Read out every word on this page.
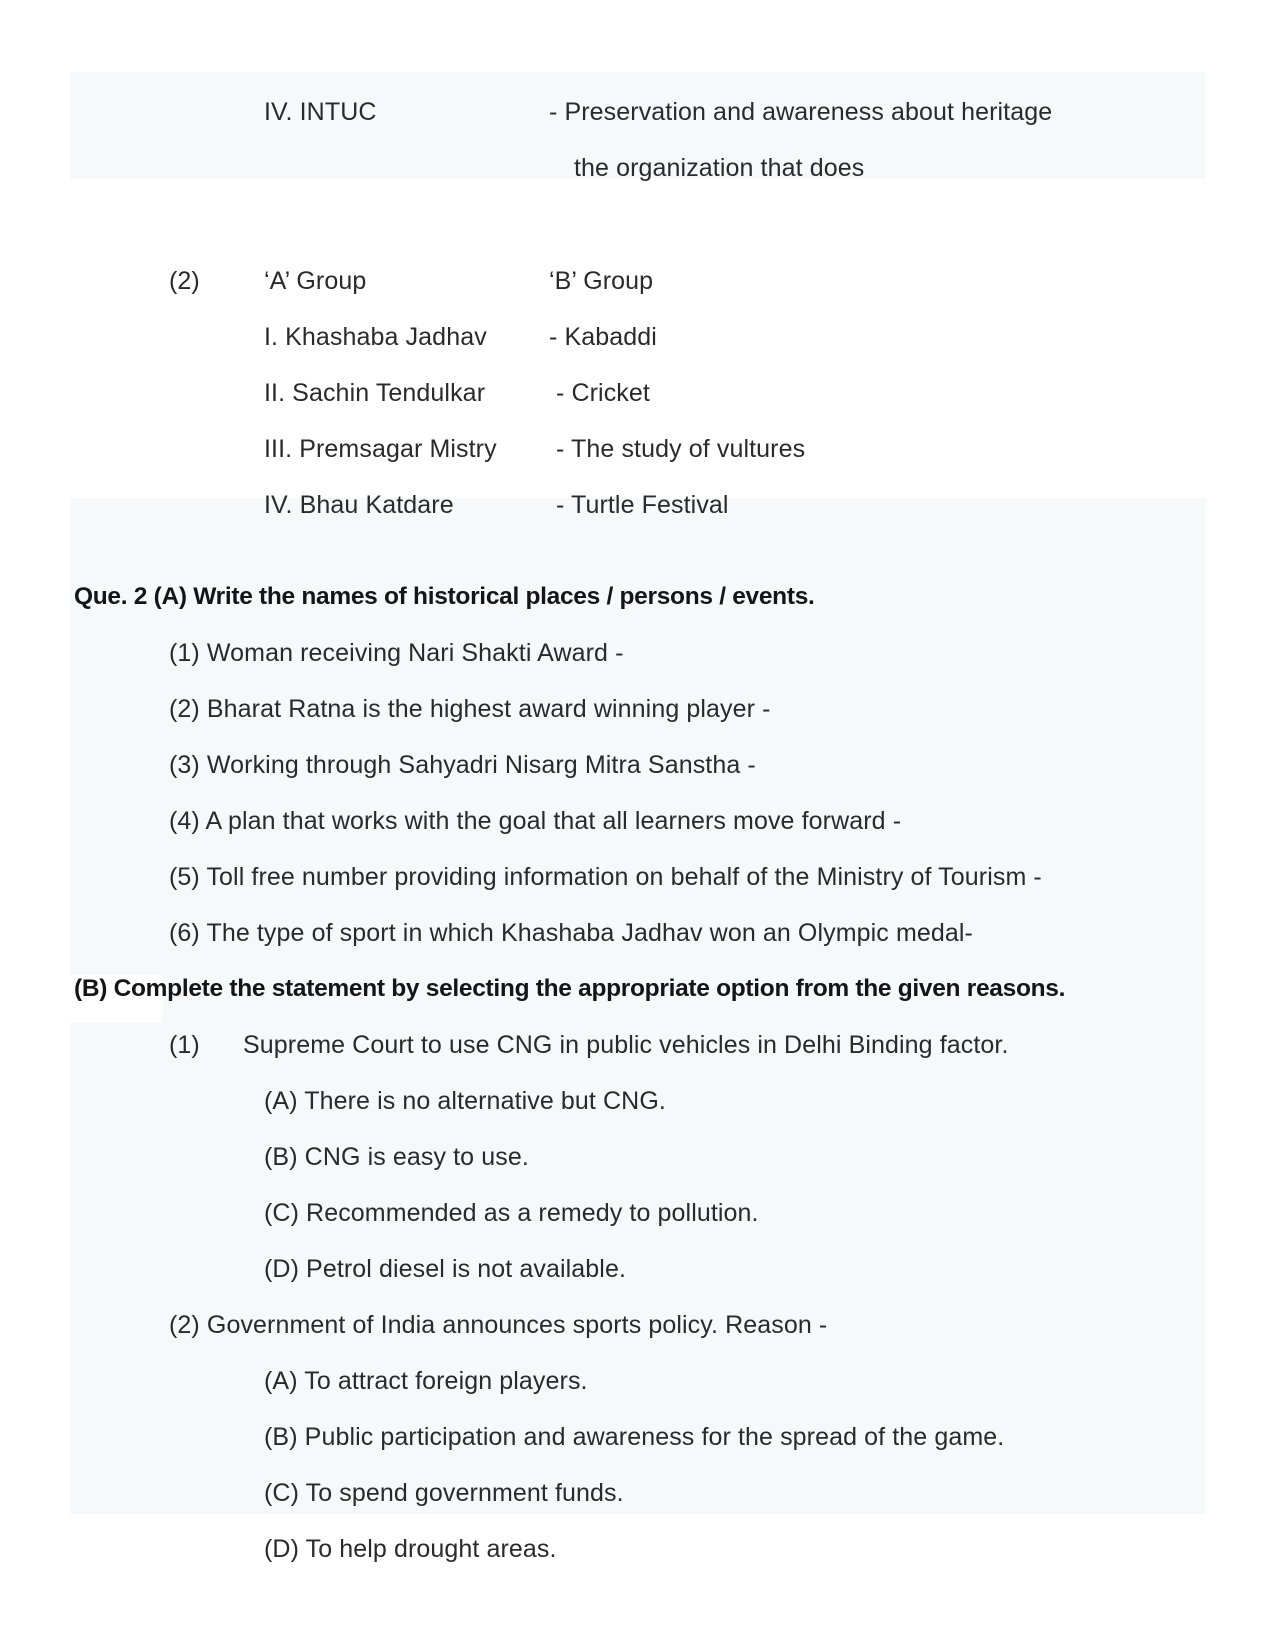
IV. INTUC	- Preservation and awareness about heritage
the organization that does
(2)	‘A’ Group	‘B’ Group
I. Khashaba Jadhav - Kabaddi
II. Sachin Tendulkar	- Cricket
III. Premsagar Mistry - The study of vultures
IV. Bhau Katdare	- Turtle Festival
Que. 2 (A) Write the names of historical places / persons / events.
(1) Woman receiving Nari Shakti Award -
(2) Bharat Ratna is the highest award winning player -
(3) Working through Sahyadri Nisarg Mitra Sanstha -
(4) A plan that works with the goal that all learners move forward -
(5) Toll free number providing information on behalf of the Ministry of Tourism -
(6) The type of sport in which Khashaba Jadhav won an Olympic medal-
(B) Complete the statement by selecting the appropriate option from the given reasons.
(1) Supreme Court to use CNG in public vehicles in Delhi Binding factor.
(A) There is no alternative but CNG.
(B) CNG is easy to use.
(C) Recommended as a remedy to pollution.
(D) Petrol diesel is not available.
(2) Government of India announces sports policy. Reason -
(A) To attract foreign players.
(B) Public participation and awareness for the spread of the game.
(C) To spend government funds.
(D) To help drought areas.
